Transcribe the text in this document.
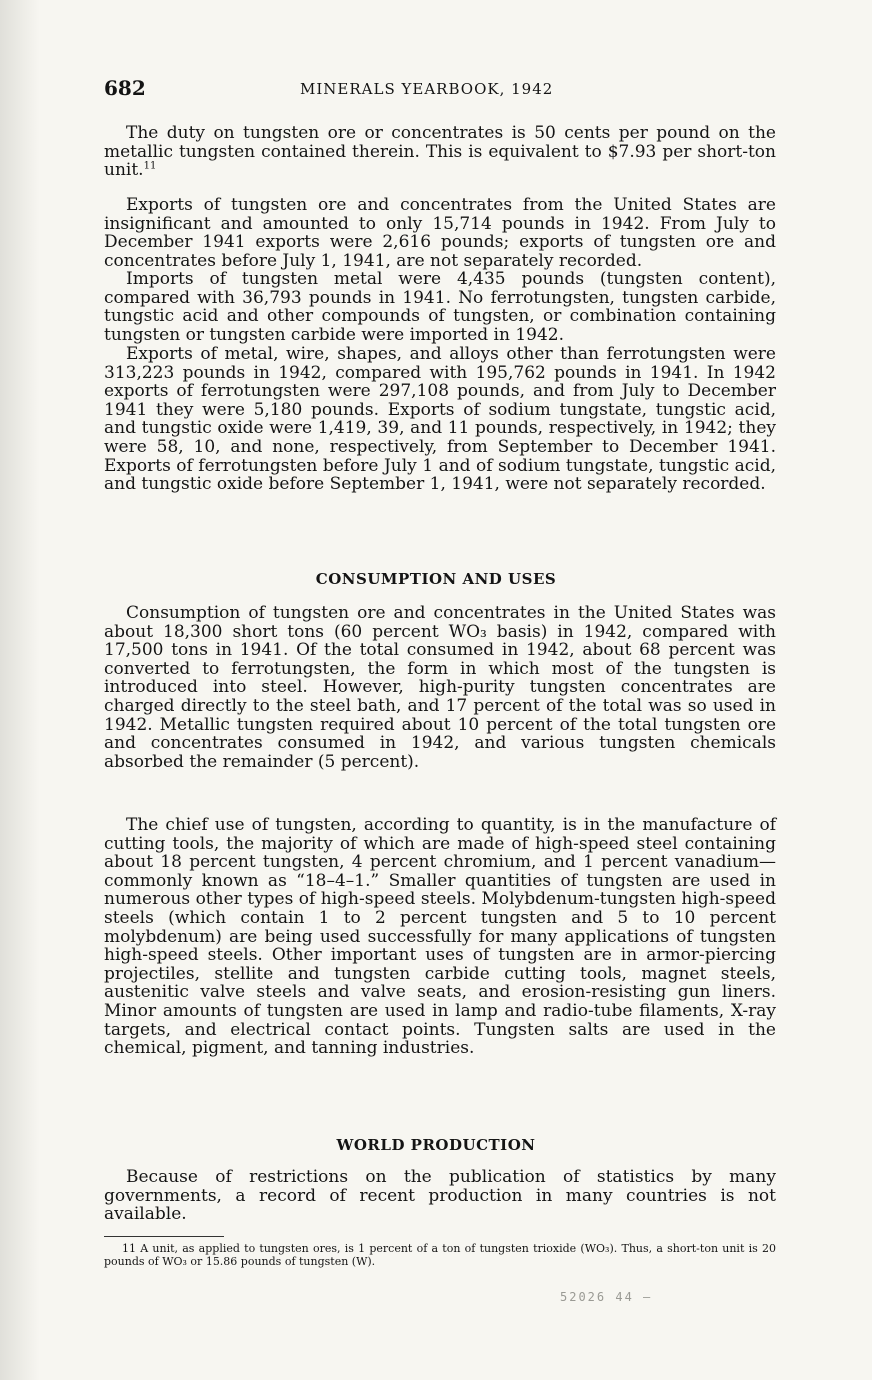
682	MINERALS YEARBOOK, 1942

The duty on tungsten ore or concentrates is 50 cents per pound on the metallic tungsten contained therein. This is equivalent to $7.93 per short-ton unit.$^{11}$

Exports of tungsten ore and concentrates from the United States are insignificant and amounted to only 15,714 pounds in 1942. From July to December 1941 exports were 2,616 pounds; exports of tungsten ore and concentrates before July 1, 1941, are not separately recorded.

Imports of tungsten metal were 4,435 pounds (tungsten content), compared with 36,793 pounds in 1941. No ferrotungsten, tungsten carbide, tungstic acid and other compounds of tungsten, or combination containing tungsten or tungsten carbide were imported in 1942.

Exports of metal, wire, shapes, and alloys other than ferrotungsten were 313,223 pounds in 1942, compared with 195,762 pounds in 1941. In 1942 exports of ferrotungsten were 297,108 pounds, and from July to December 1941 they were 5,180 pounds. Exports of sodium tungstate, tungstic acid, and tungstic oxide were 1,419, 39, and 11 pounds, respectively, in 1942; they were 58, 10, and none, respectively, from September to December 1941. Exports of ferrotungsten before July 1 and of sodium tungstate, tungstic acid, and tungstic oxide before September 1, 1941, were not separately recorded.

CONSUMPTION AND USES

Consumption of tungsten ore and concentrates in the United States was about 18,300 short tons (60 percent WO₃ basis) in 1942, compared with 17,500 tons in 1941. Of the total consumed in 1942, about 68 percent was converted to ferrotungsten, the form in which most of the tungsten is introduced into steel. However, high-purity tungsten concentrates are charged directly to the steel bath, and 17 percent of the total was so used in 1942. Metallic tungsten required about 10 percent of the total tungsten ore and concentrates consumed in 1942, and various tungsten chemicals absorbed the remainder (5 percent).

The chief use of tungsten, according to quantity, is in the manufacture of cutting tools, the majority of which are made of high-speed steel containing about 18 percent tungsten, 4 percent chromium, and 1 percent vanadium—commonly known as “18–4–1.” Smaller quantities of tungsten are used in numerous other types of high-speed steels. Molybdenum-tungsten high-speed steels (which contain 1 to 2 percent tungsten and 5 to 10 percent molybdenum) are being used successfully for many applications of tungsten high-speed steels. Other important uses of tungsten are in armor-piercing projectiles, stellite and tungsten carbide cutting tools, magnet steels, austenitic valve steels and valve seats, and erosion-resisting gun liners. Minor amounts of tungsten are used in lamp and radio-tube filaments, X-ray targets, and electrical contact points. Tungsten salts are used in the chemical, pigment, and tanning industries.

WORLD PRODUCTION

Because of restrictions on the publication of statistics by many governments, a record of recent production in many countries is not available.

11 A unit, as applied to tungsten ores, is 1 percent of a ton of tungsten trioxide (WO₃). Thus, a short-ton unit is 20 pounds of WO₃ or 15.86 pounds of tungsten (W).

52026 44 —
